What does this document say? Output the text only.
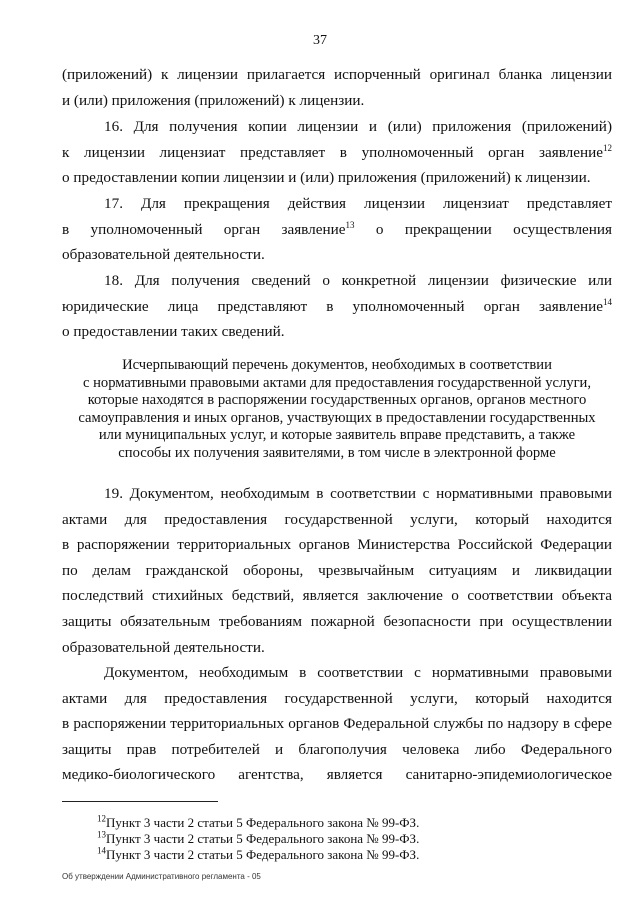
37
(приложений) к лицензии прилагается испорченный оригинал бланка лицензии
и (или) приложения (приложений) к лицензии.
16. Для получения копии лицензии и (или) приложения (приложений)
к лицензии лицензиат представляет в уполномоченный орган заявление$^{12}$
о предоставлении копии лицензии и (или) приложения (приложений) к лицензии.
17. Для прекращения действия лицензии лицензиат представляет
в уполномоченный орган заявление$^{13}$ о прекращении осуществления
образовательной деятельности.
18. Для получения сведений о конкретной лицензии физические или
юридические лица представляют в уполномоченный орган заявление$^{14}$
о предоставлении таких сведений.
Исчерпывающий перечень документов, необходимых в соответствии
с нормативными правовыми актами для предоставления государственной услуги,
которые находятся в распоряжении государственных органов, органов местного
самоуправления и иных органов, участвующих в предоставлении государственных
или муниципальных услуг, и которые заявитель вправе представить, а также
способы их получения заявителями, в том числе в электронной форме
19. Документом, необходимым в соответствии с нормативными правовыми
актами для предоставления государственной услуги, который находится
в распоряжении территориальных органов Министерства Российской Федерации
по делам гражданской обороны, чрезвычайным ситуациям и ликвидации
последствий стихийных бедствий, является заключение о соответствии объекта
защиты обязательным требованиям пожарной безопасности при осуществлении
образовательной деятельности.
Документом, необходимым в соответствии с нормативными правовыми
актами для предоставления государственной услуги, который находится
в распоряжении территориальных органов Федеральной службы по надзору в сфере
защиты прав потребителей и благополучия человека либо Федерального
медико-биологического агентства, является санитарно-эпидемиологическое
$^{12}$Пункт 3 части 2 статьи 5 Федерального закона № 99-ФЗ.
$^{13}$Пункт 3 части 2 статьи 5 Федерального закона № 99-ФЗ.
$^{14}$Пункт 3 части 2 статьи 5 Федерального закона № 99-ФЗ.
Об утверждении Административного регламента - 05
